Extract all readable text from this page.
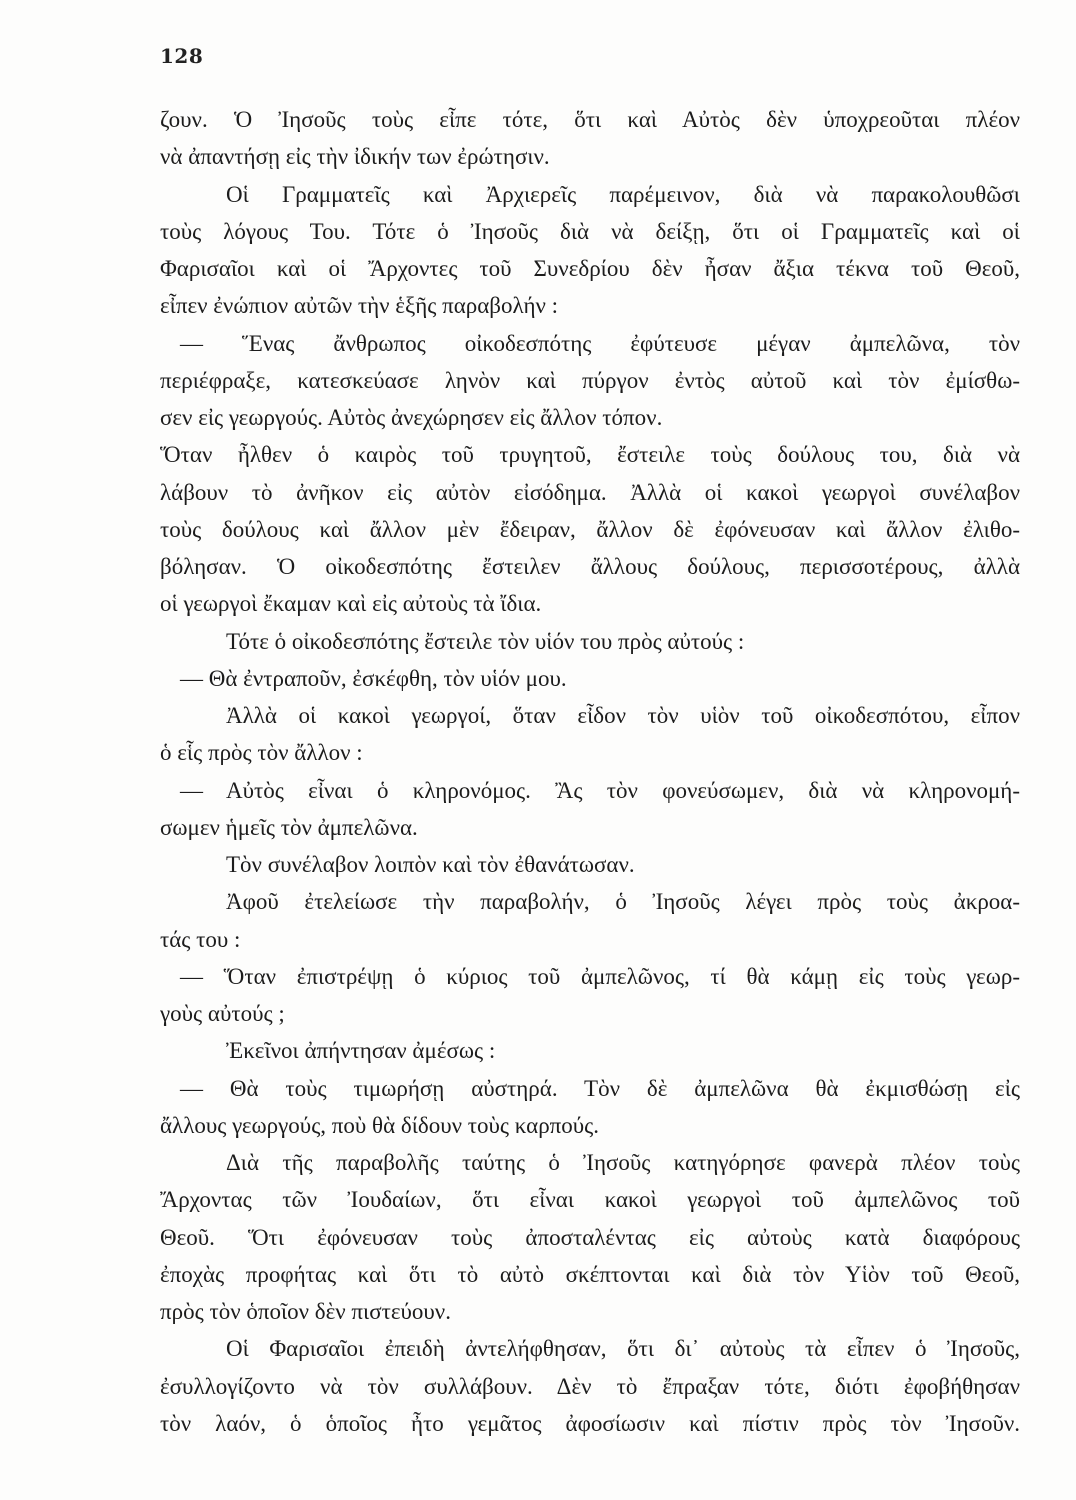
128
ζουν. Ὁ Ἰησοῦς τοὺς εἶπε τότε, ὅτι καὶ Αὐτὸς δὲν ὑποχρεοῦται πλέον
νὰ ἀπαντήσῃ εἰς τὴν ἰδικήν των ἐρώτησιν.
Οἱ Γραμματεῖς καὶ Ἀρχιερεῖς παρέμεινον, διὰ νὰ παρακολουθῶσι
τοὺς λόγους Του. Τότε ὁ Ἰησοῦς διὰ νὰ δείξῃ, ὅτι οἱ Γραμματεῖς καὶ οἱ
Φαρισαῖοι καὶ οἱ Ἄρχοντες τοῦ Συνεδρίου δὲν ἦσαν ἄξια τέκνα τοῦ Θεοῦ,
εἶπεν ἐνώπιον αὐτῶν τὴν ἑξῆς παραβολήν :
— Ἕνας ἄνθρωπος οἰκοδεσπότης ἐφύτευσε μέγαν ἀμπελῶνα, τὸν
περιέφραξε, κατεσκεύασε ληνὸν καὶ πύργον ἐντὸς αὐτοῦ καὶ τὸν ἐμίσθω-
σεν εἰς γεωργούς. Αὐτὸς ἀνεχώρησεν εἰς ἄλλον τόπον.
Ὅταν ἦλθεν ὁ καιρὸς τοῦ τρυγητοῦ, ἔστειλε τοὺς δούλους του, διὰ νὰ
λάβουν τὸ ἀνῆκον εἰς αὐτὸν εἰσόδημα. Ἀλλὰ οἱ κακοὶ γεωργοὶ συνέλαβον
τοὺς δούλους καὶ ἄλλον μὲν ἔδειραν, ἄλλον δὲ ἐφόνευσαν καὶ ἄλλον ἐλιθο-
βόλησαν. Ὁ οἰκοδεσπότης ἔστειλεν ἄλλους δούλους, περισσοτέρους, ἀλλὰ
οἱ γεωργοὶ ἔκαμαν καὶ εἰς αὐτοὺς τὰ ἴδια.
Τότε ὁ οἰκοδεσπότης ἔστειλε τὸν υἱόν του πρὸς αὐτούς :
— Θὰ ἐντραποῦν, ἐσκέφθη, τὸν υἱόν μου.
Ἀλλὰ οἱ κακοὶ γεωργοί, ὅταν εἶδον τὸν υἱὸν τοῦ οἰκοδεσπότου, εἶπον
ὁ εἷς πρὸς τὸν ἄλλον :
— Αὐτὸς εἶναι ὁ κληρονόμος. Ἂς τὸν φονεύσωμεν, διὰ νὰ κληρονομή-
σωμεν ἡμεῖς τὸν ἀμπελῶνα.
Τὸν συνέλαβον λοιπὸν καὶ τὸν ἐθανάτωσαν.
Ἀφοῦ ἐτελείωσε τὴν παραβολήν, ὁ Ἰησοῦς λέγει πρὸς τοὺς ἀκροα-
τάς του :
— Ὅταν ἐπιστρέψῃ ὁ κύριος τοῦ ἀμπελῶνος, τί θὰ κάμῃ εἰς τοὺς γεωρ-
γοὺς αὐτούς ;
Ἐκεῖνοι ἀπήντησαν ἀμέσως :
— Θὰ τοὺς τιμωρήσῃ αὐστηρά. Τὸν δὲ ἀμπελῶνα θὰ ἐκμισθώσῃ εἰς
ἄλλους γεωργούς, ποὺ θὰ δίδουν τοὺς καρπούς.
Διὰ τῆς παραβολῆς ταύτης ὁ Ἰησοῦς κατηγόρησε φανερὰ πλέον τοὺς
Ἄρχοντας τῶν Ἰουδαίων, ὅτι εἶναι κακοὶ γεωργοὶ τοῦ ἀμπελῶνος τοῦ
Θεοῦ. Ὅτι ἐφόνευσαν τοὺς ἀποσταλέντας εἰς αὐτοὺς κατὰ διαφόρους
ἐποχὰς προφήτας καὶ ὅτι τὸ αὐτὸ σκέπτονται καὶ διὰ τὸν Υἱὸν τοῦ Θεοῦ,
πρὸς τὸν ὁποῖον δὲν πιστεύουν.
Οἱ Φαρισαῖοι ἐπειδὴ ἀντελήφθησαν, ὅτι δι᾽ αὐτοὺς τὰ εἶπεν ὁ Ἰησοῦς,
ἐσυλλογίζοντο νὰ τὸν συλλάβουν. Δὲν τὸ ἔπραξαν τότε, διότι ἐφοβήθησαν
τὸν λαόν, ὁ ὁποῖος ἦτο γεμᾶτος ἀφοσίωσιν καὶ πίστιν πρὸς τὸν Ἰησοῦν.
